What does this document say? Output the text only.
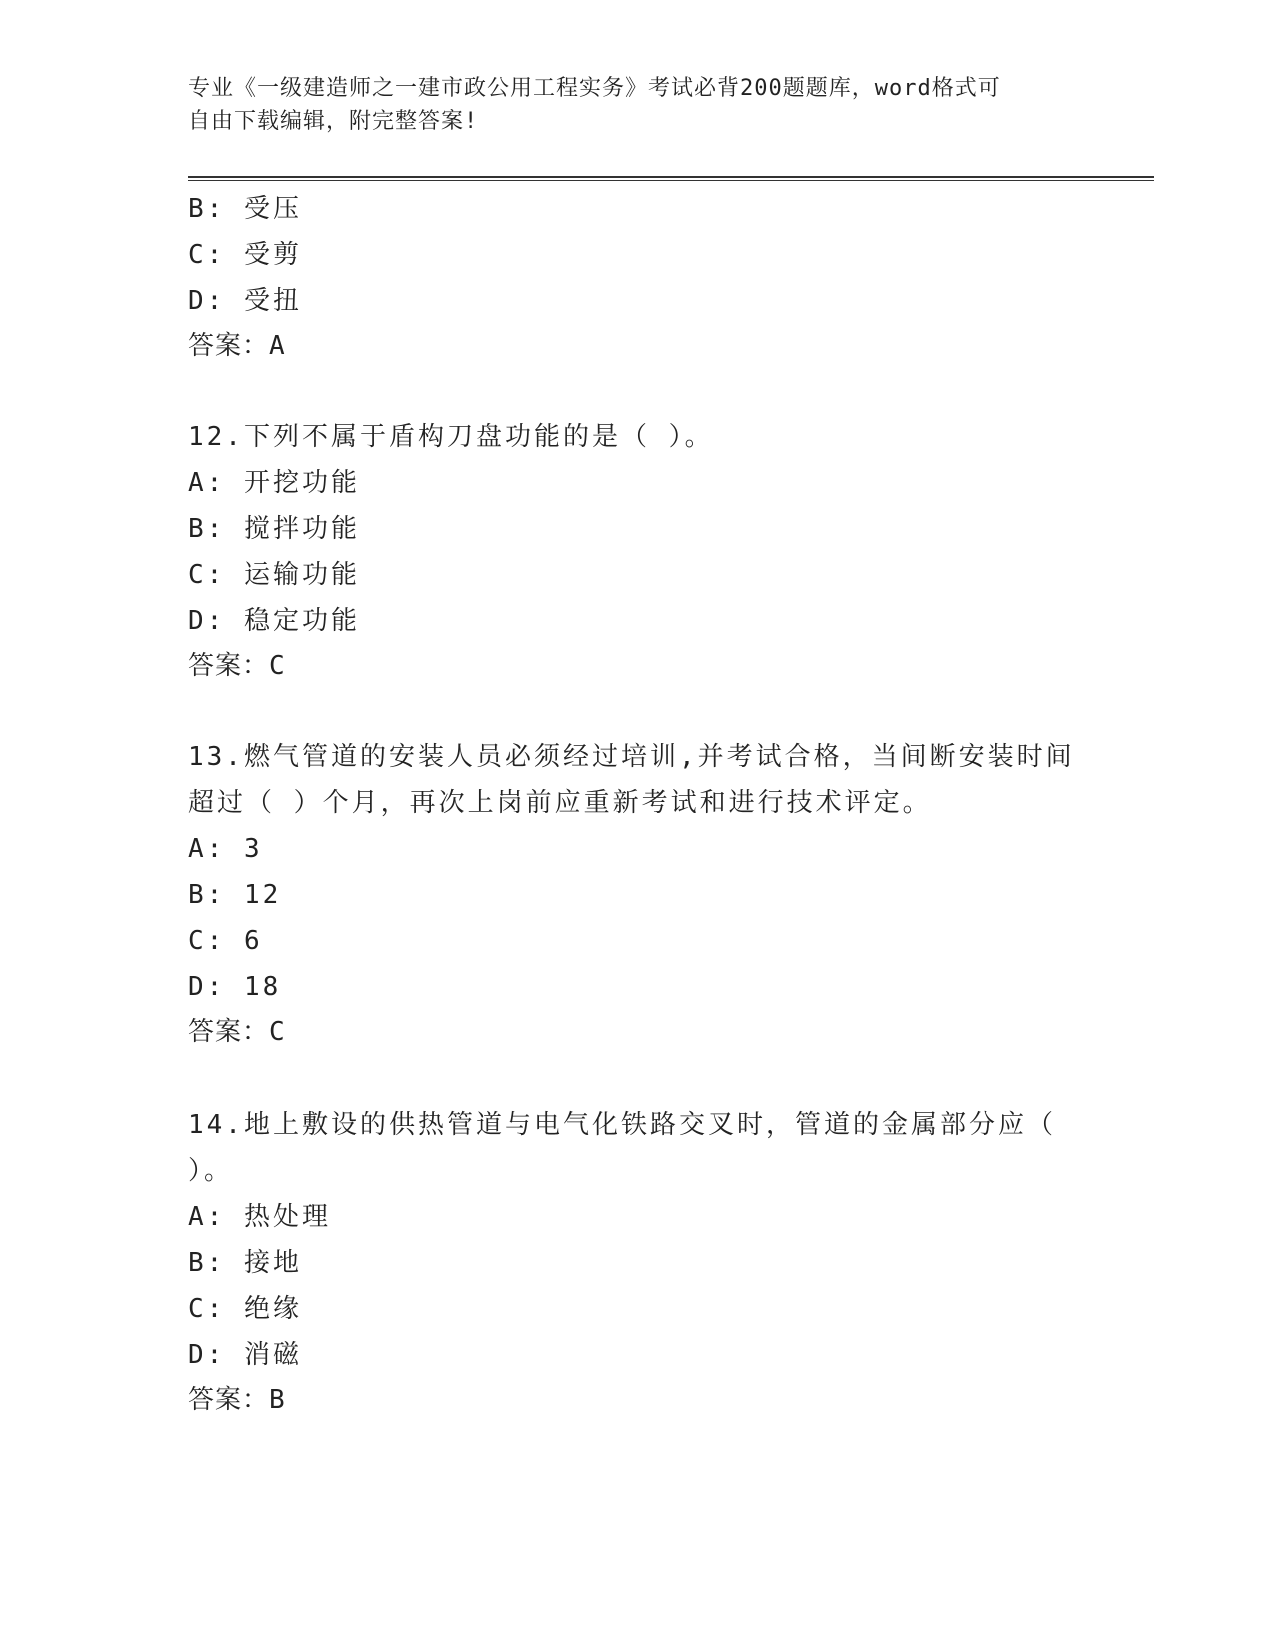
专业《一级建造师之一建市政公用工程实务》考试必背200题题库，word格式可
自由下载编辑，附完整答案!
B: 受压
C: 受剪
D: 受扭
答案：A
12.下列不属于盾构刀盘功能的是（ ）。
A: 开挖功能
B: 搅拌功能
C: 运输功能
D: 稳定功能
答案：C
13.燃气管道的安装人员必须经过培训,并考试合格，当间断安装时间
超过（ ）个月，再次上岗前应重新考试和进行技术评定。
A: 3
B: 12
C: 6
D: 18
答案：C
14.地上敷设的供热管道与电气化铁路交叉时，管道的金属部分应（
）。
A: 热处理
B: 接地
C: 绝缘
D: 消磁
答案：B
